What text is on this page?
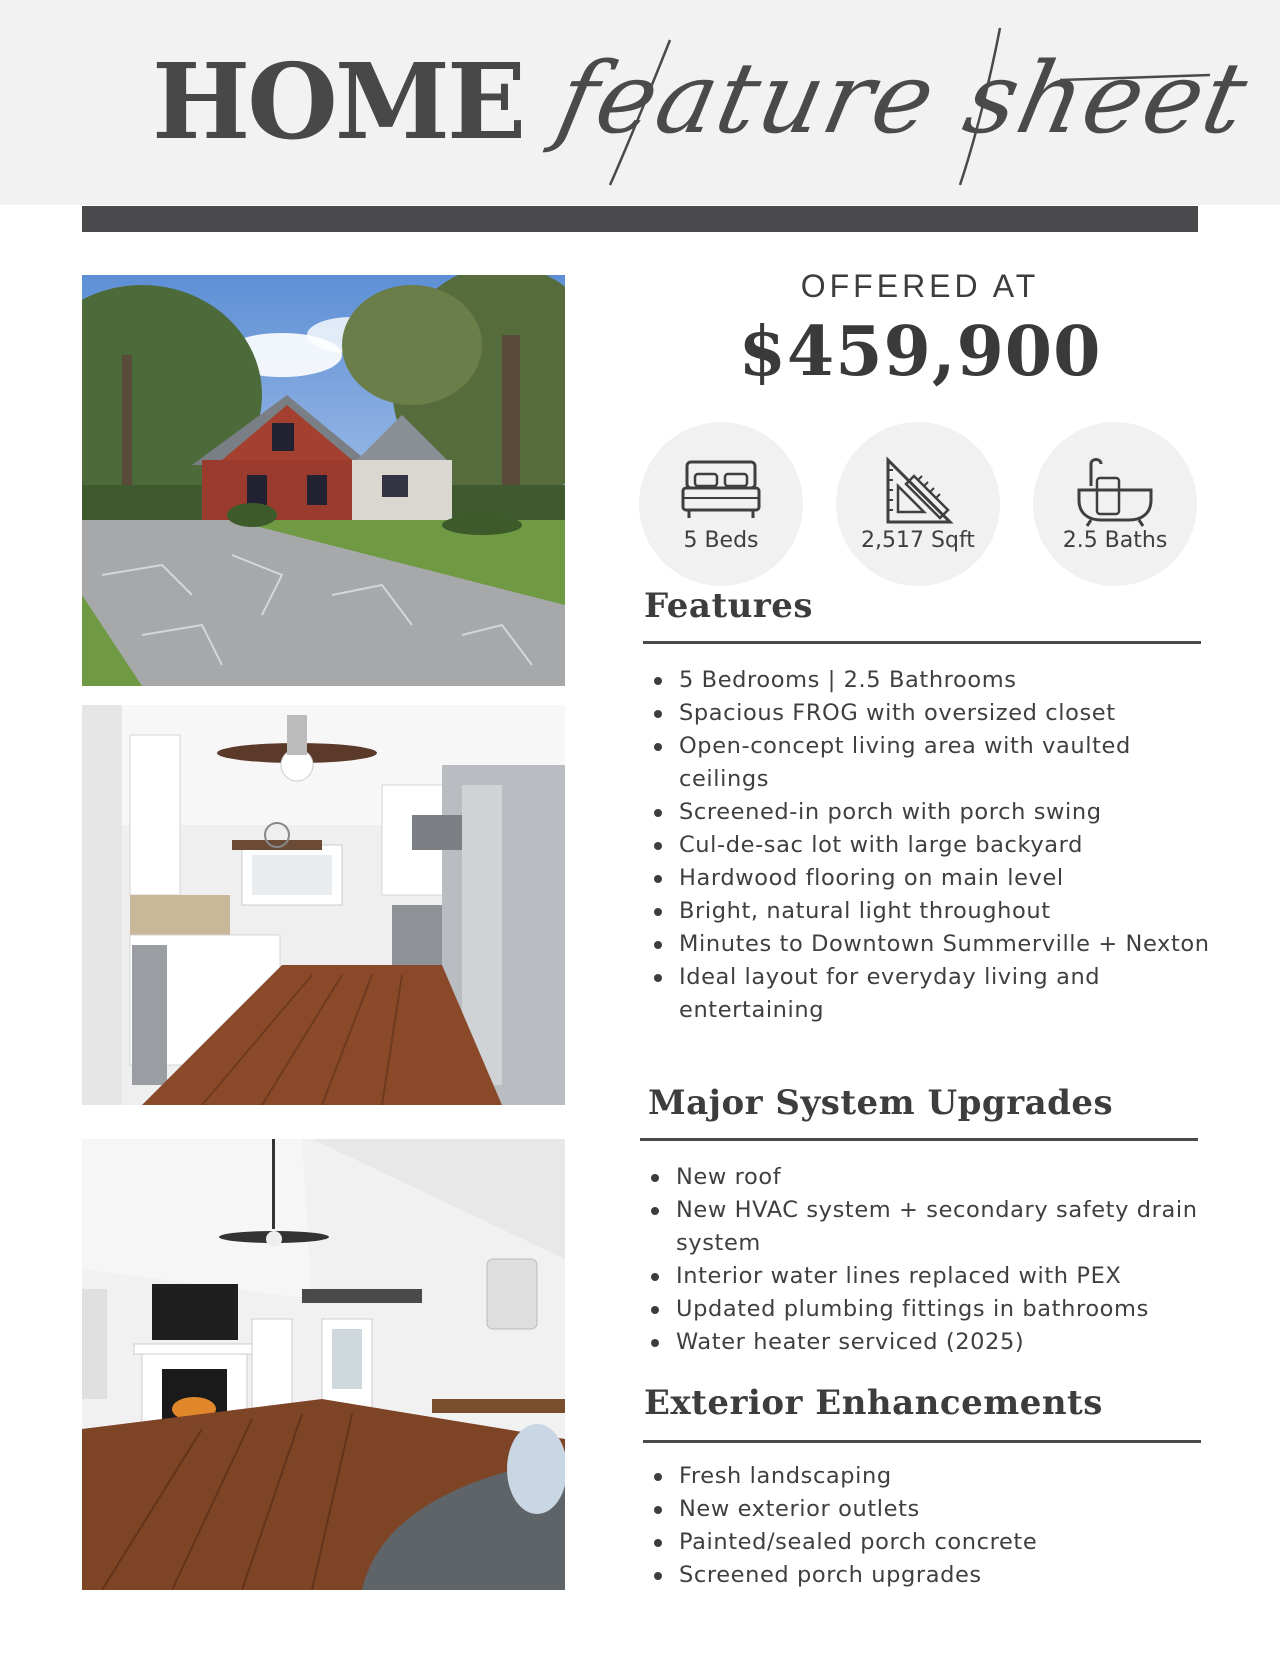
HOME feature sheet
OFFERED AT
$459,900
5 Beds	2,517 Sqft	2.5 Baths
Features
5 Bedrooms | 2.5 Bathrooms
Spacious FROG with oversized closet
Open-concept living area with vaulted ceilings
Screened-in porch with porch swing
Cul-de-sac lot with large backyard
Hardwood flooring on main level
Bright, natural light throughout
Minutes to Downtown Summerville + Nexton
Ideal layout for everyday living and entertaining
Major System Upgrades
New roof
New HVAC system + secondary safety drain system
Interior water lines replaced with PEX
Updated plumbing fittings in bathrooms
Water heater serviced (2025)
Exterior Enhancements
Fresh landscaping
New exterior outlets
Painted/sealed porch concrete
Screened porch upgrades
